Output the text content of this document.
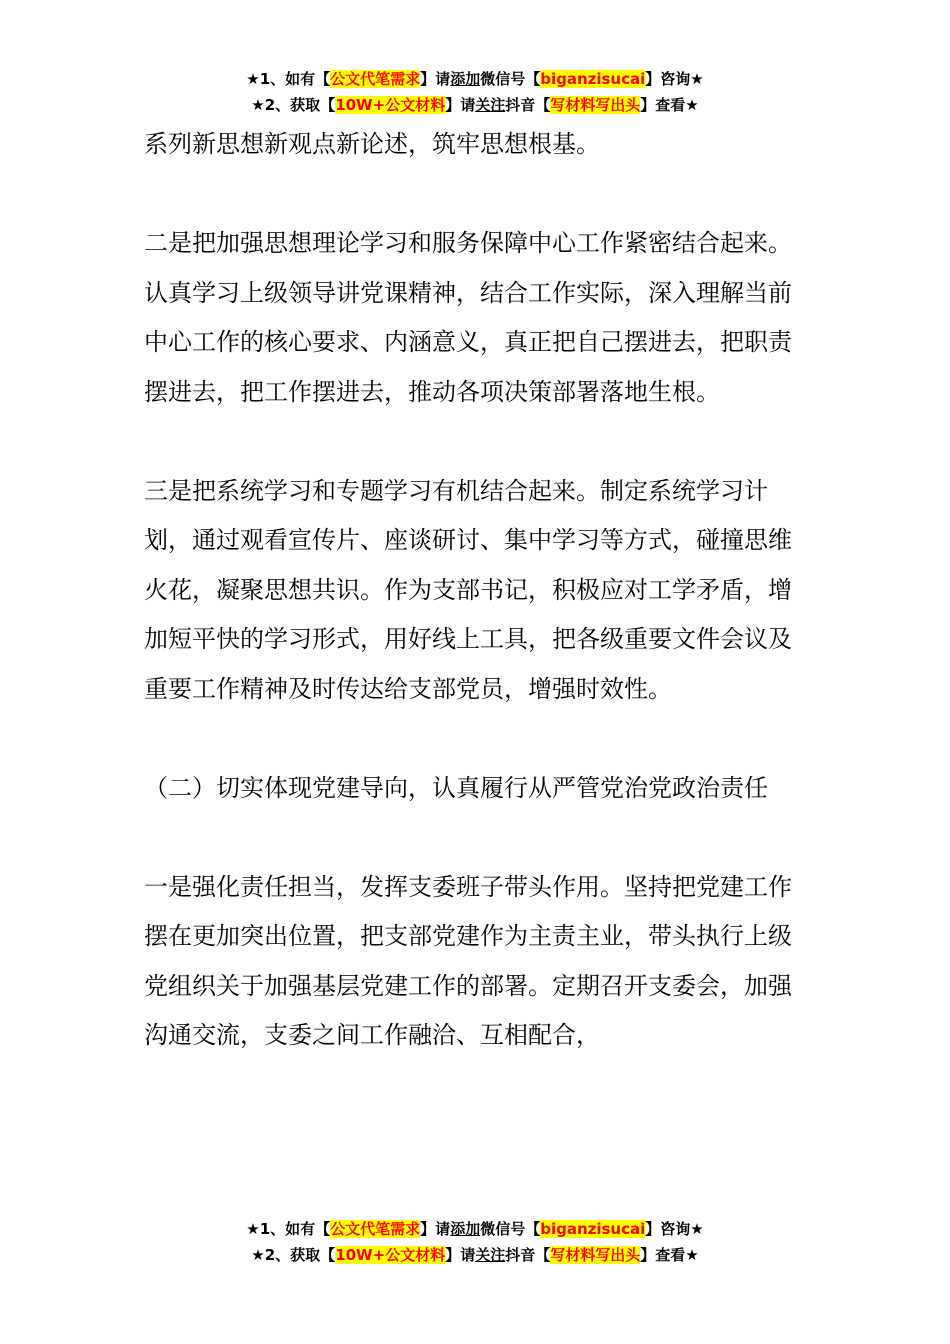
★1、如有【公文代笔需求】请添加微信号【biganzisucai】咨询★
★2、获取【10W+公文材料】请关注抖音【写材料写出头】查看★

系列新思想新观点新论述，筑牢思想根基。

二是把加强思想理论学习和服务保障中心工作紧密结合起来。认真学习上级领导讲党课精神，结合工作实际，深入理解当前中心工作的核心要求、内涵意义，真正把自己摆进去，把职责摆进去，把工作摆进去，推动各项决策部署落地生根。

三是把系统学习和专题学习有机结合起来。制定系统学习计划，通过观看宣传片、座谈研讨、集中学习等方式，碰撞思维火花，凝聚思想共识。作为支部书记，积极应对工学矛盾，增加短平快的学习形式，用好线上工具，把各级重要文件会议及重要工作精神及时传达给支部党员，增强时效性。

（二）切实体现党建导向，认真履行从严管党治党政治责任

一是强化责任担当，发挥支委班子带头作用。坚持把党建工作摆在更加突出位置，把支部党建作为主责主业，带头执行上级党组织关于加强基层党建工作的部署。定期召开支委会，加强沟通交流，支委之间工作融洽、互相配合，

★1、如有【公文代笔需求】请添加微信号【biganzisucai】咨询★
★2、获取【10W+公文材料】请关注抖音【写材料写出头】查看★
